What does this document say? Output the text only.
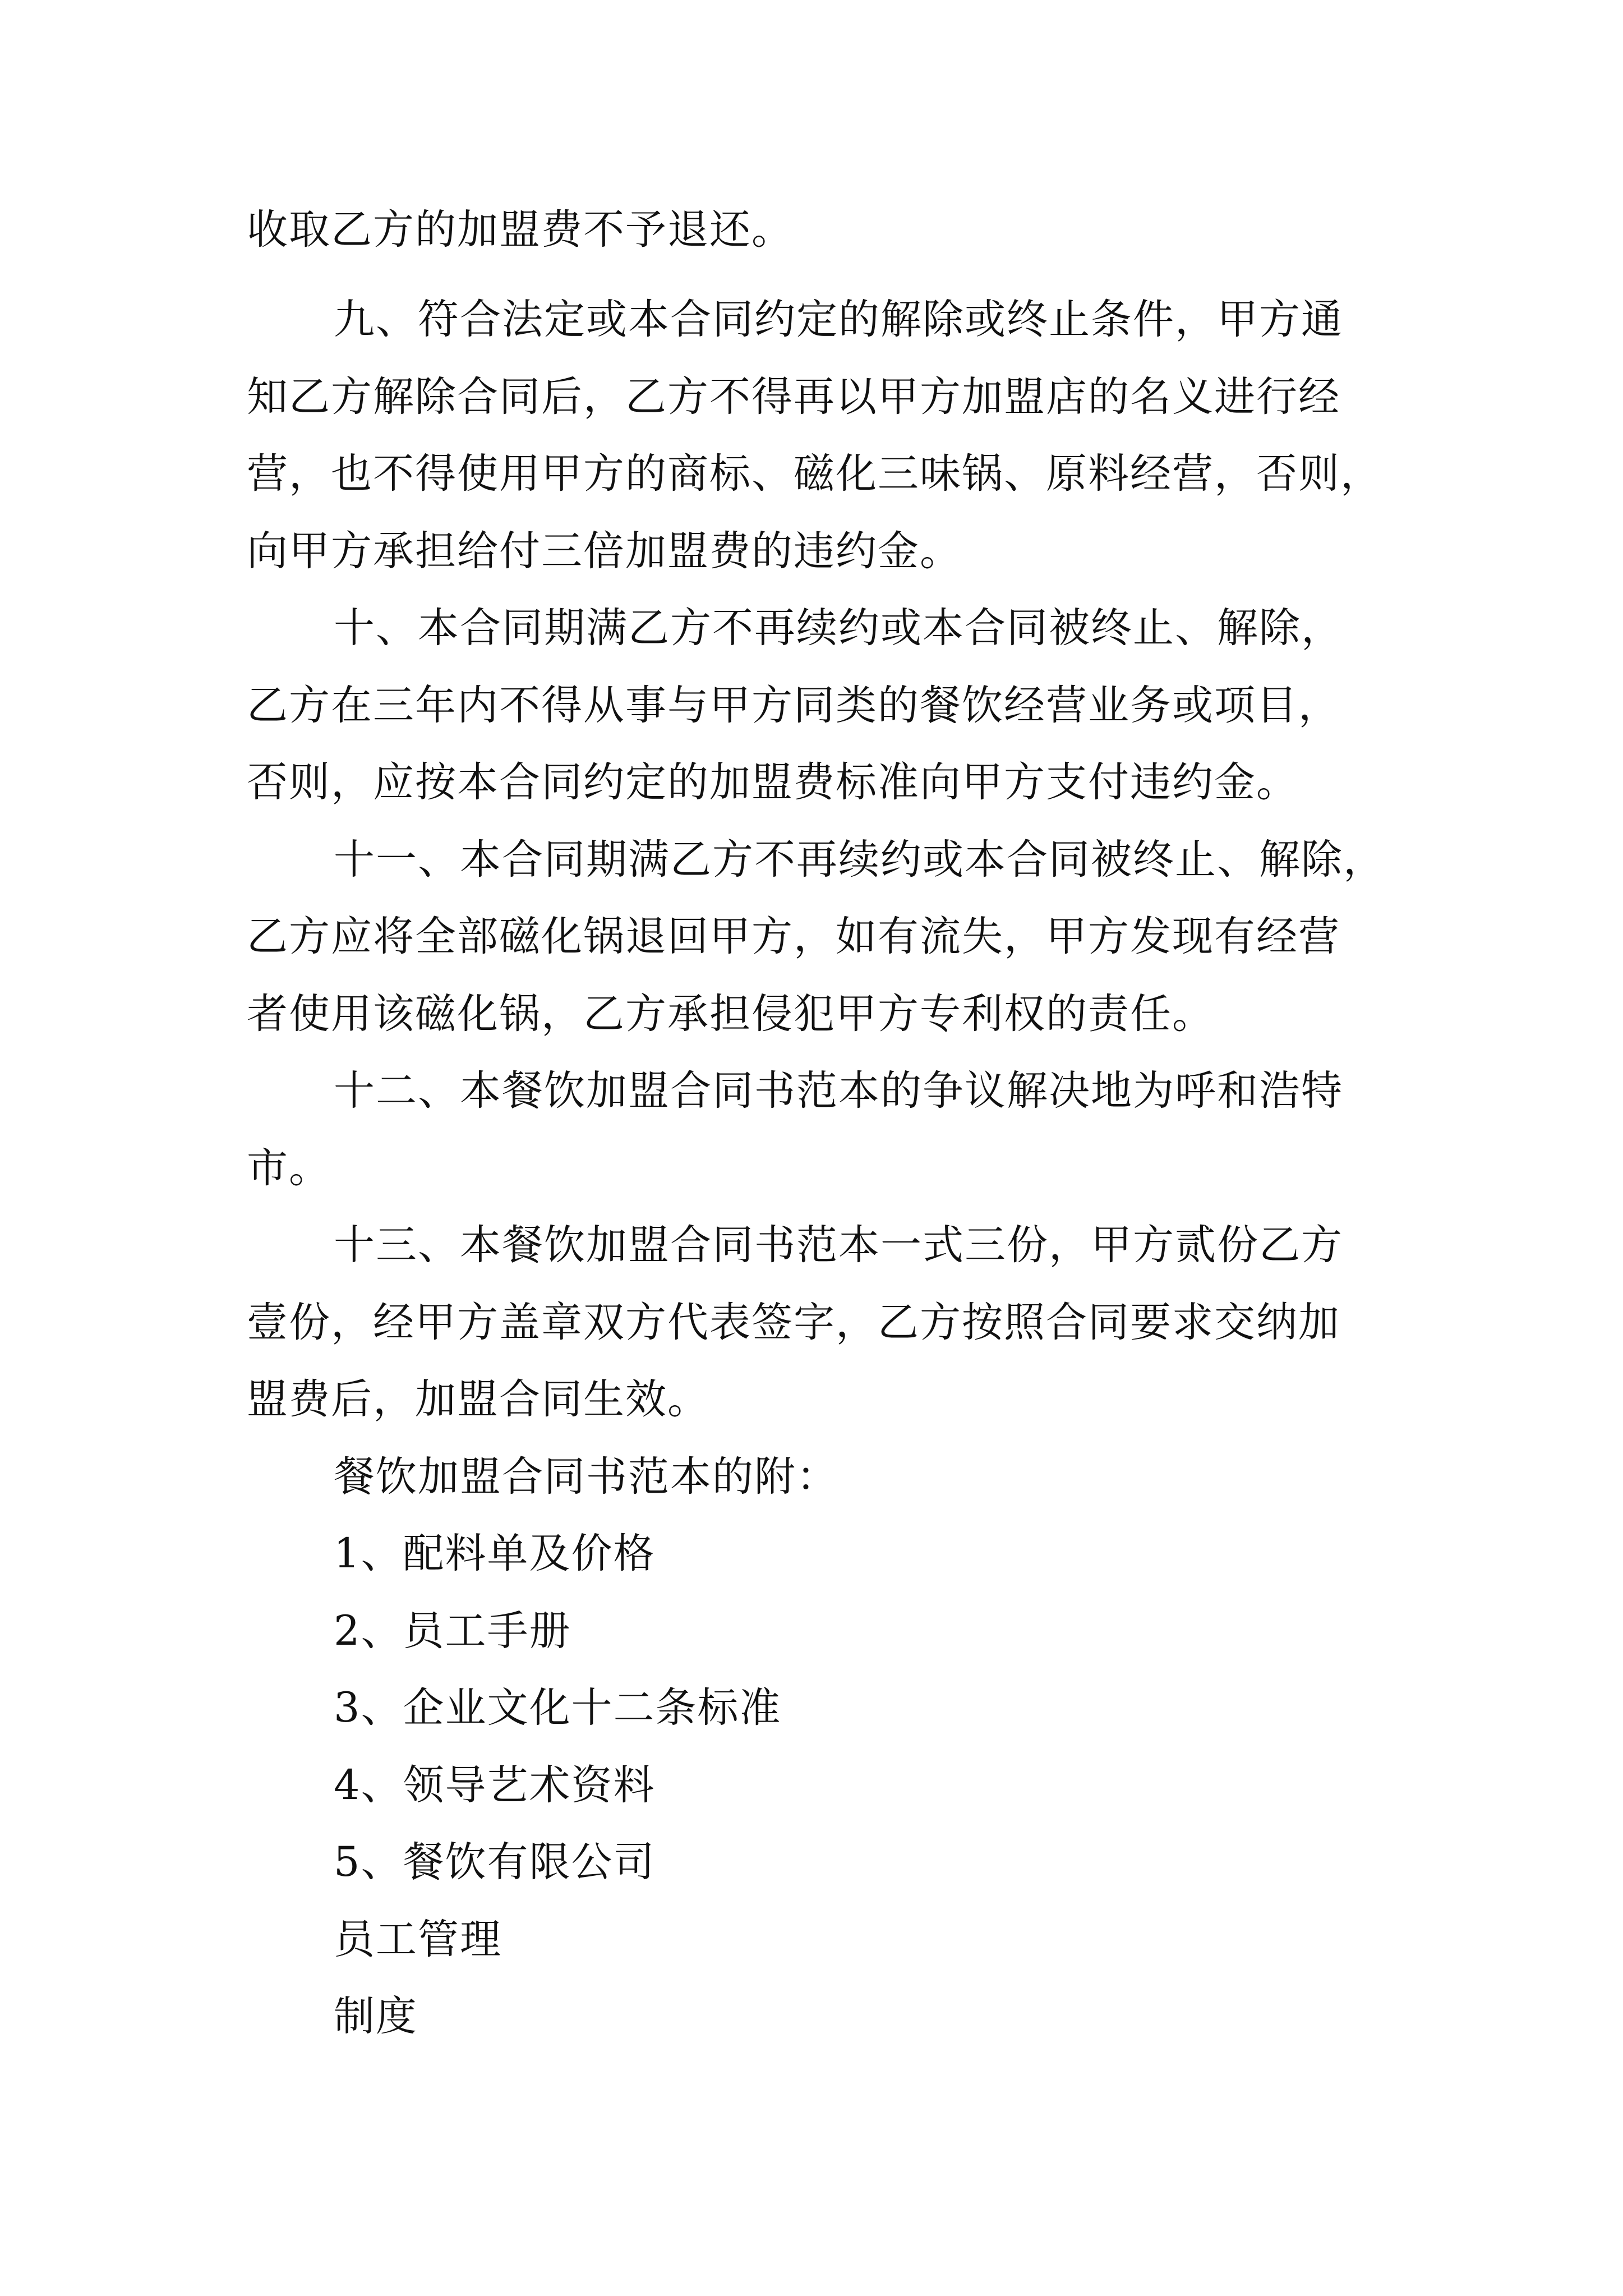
收取乙方的加盟费不予退还。
九、符合法定或本合同约定的解除或终止条件，甲方通
知乙方解除合同后，乙方不得再以甲方加盟店的名义进行经
营，也不得使用甲方的商标、磁化三味锅、原料经营，否则，
向甲方承担给付三倍加盟费的违约金。
十、本合同期满乙方不再续约或本合同被终止、解除，
乙方在三年内不得从事与甲方同类的餐饮经营业务或项目，
否则，应按本合同约定的加盟费标准向甲方支付违约金。
十一、本合同期满乙方不再续约或本合同被终止、解除，
乙方应将全部磁化锅退回甲方，如有流失，甲方发现有经营
者使用该磁化锅，乙方承担侵犯甲方专利权的责任。
十二、本餐饮加盟合同书范本的争议解决地为呼和浩特
市。
十三、本餐饮加盟合同书范本一式三份，甲方贰份乙方
壹份，经甲方盖章双方代表签字，乙方按照合同要求交纳加
盟费后，加盟合同生效。
餐饮加盟合同书范本的附：
1、配料单及价格
2、员工手册
3、企业文化十二条标准
4、领导艺术资料
5、餐饮有限公司
员工管理
制度
